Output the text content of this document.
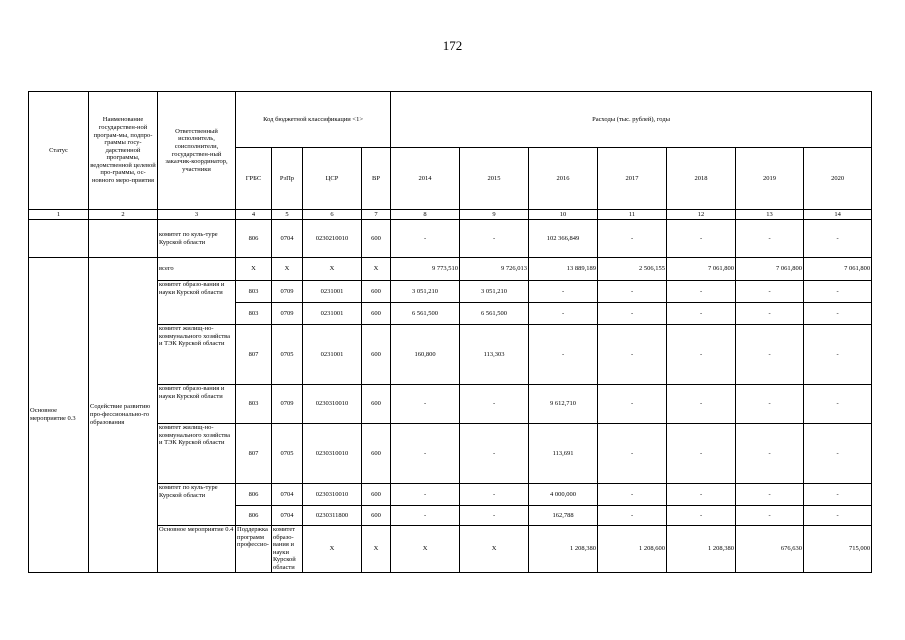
172
Статус	Наименование государствен-ной програм-мы, подпро-граммы госу-дарственной программы, ведомственной целевой про-граммы, ос-новного меро-приятия	Ответственный исполнитель, соисполнители, государствен-ный заказчик-координатор, участники	Код бюджетной классификации <1>				Расходы (тыс. рублей), годы							
			ГРБС	РзПр	ЦСР	ВР	2014	2015	2016	2017	2018	2019	2020	
1	2	3	4	5	6	7	8	9	10	11	12	13	14	
		комитет по куль-туре Курской области	806	0704	0230210010	600	-	-	102 366,849	-	-	-	-	
Основное мероприятие 0.3	Содействие развитию про-фессионально-го образования	всего	Х	Х	Х	Х	9 773,510	9 726,013	13 889,189	2 506,155	7 061,800	7 061,800	7 061,800	
		комитет образо-вания и науки Курской области	803	0709	0231001	600	3 051,210	3 051,210	-	-	-	-	-	
			803	0709	0231001	600	6 561,500	6 561,500	-	-	-	-	-	
		комитет жилищ-но-коммунального хозяйства и ТЭК Курской области	807	0705	0231001	600	160,800	113,303	-	-	-	-	-	
		комитет образо-вания и науки Курской области	803	0709	0230310010	600	-	-	9 612,710	-	-	-	-	
		комитет жилищ-но-коммунального хозяйства и ТЭК Курской области	807	0705	0230310010	600	-	-	113,691	-	-	-	-	
		комитет по куль-туре Курской области	806	0704	0230310010	600	-	-	4 000,000	-	-	-	-	
			806	0704	0230311800	600	-	-	162,788	-	-	-	-	
		Основное мероприятие 0.4	Поддержка программ профессио-	комитет образо-вания и науки Курской области	Х	Х	Х	Х	1 208,380	1 208,600	1 208,380	676,630	715,000		
